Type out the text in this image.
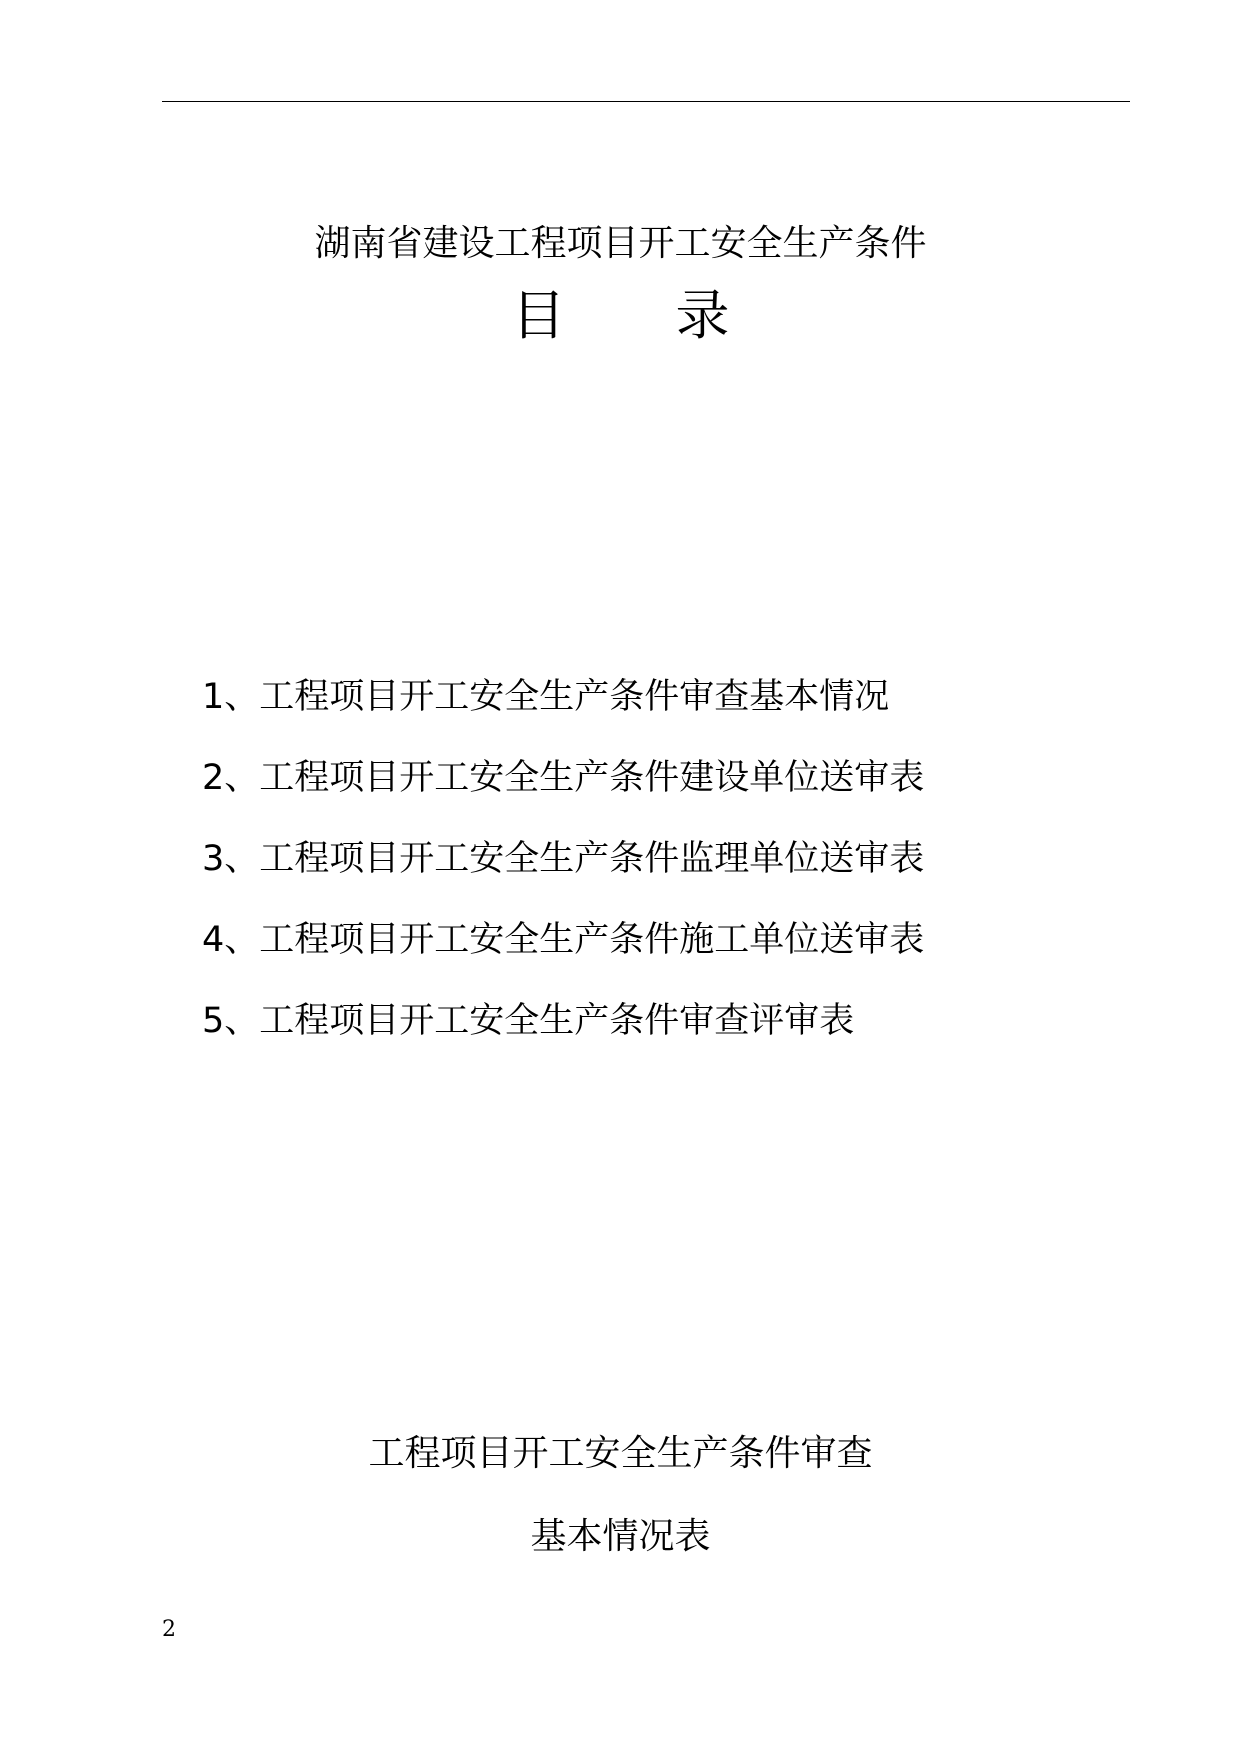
湖南省建设工程项目开工安全生产条件
目录
1、工程项目开工安全生产条件审查基本情况
2、工程项目开工安全生产条件建设单位送审表
3、工程项目开工安全生产条件监理单位送审表
4、工程项目开工安全生产条件施工单位送审表
5、工程项目开工安全生产条件审查评审表
工程项目开工安全生产条件审查
基本情况表
2
